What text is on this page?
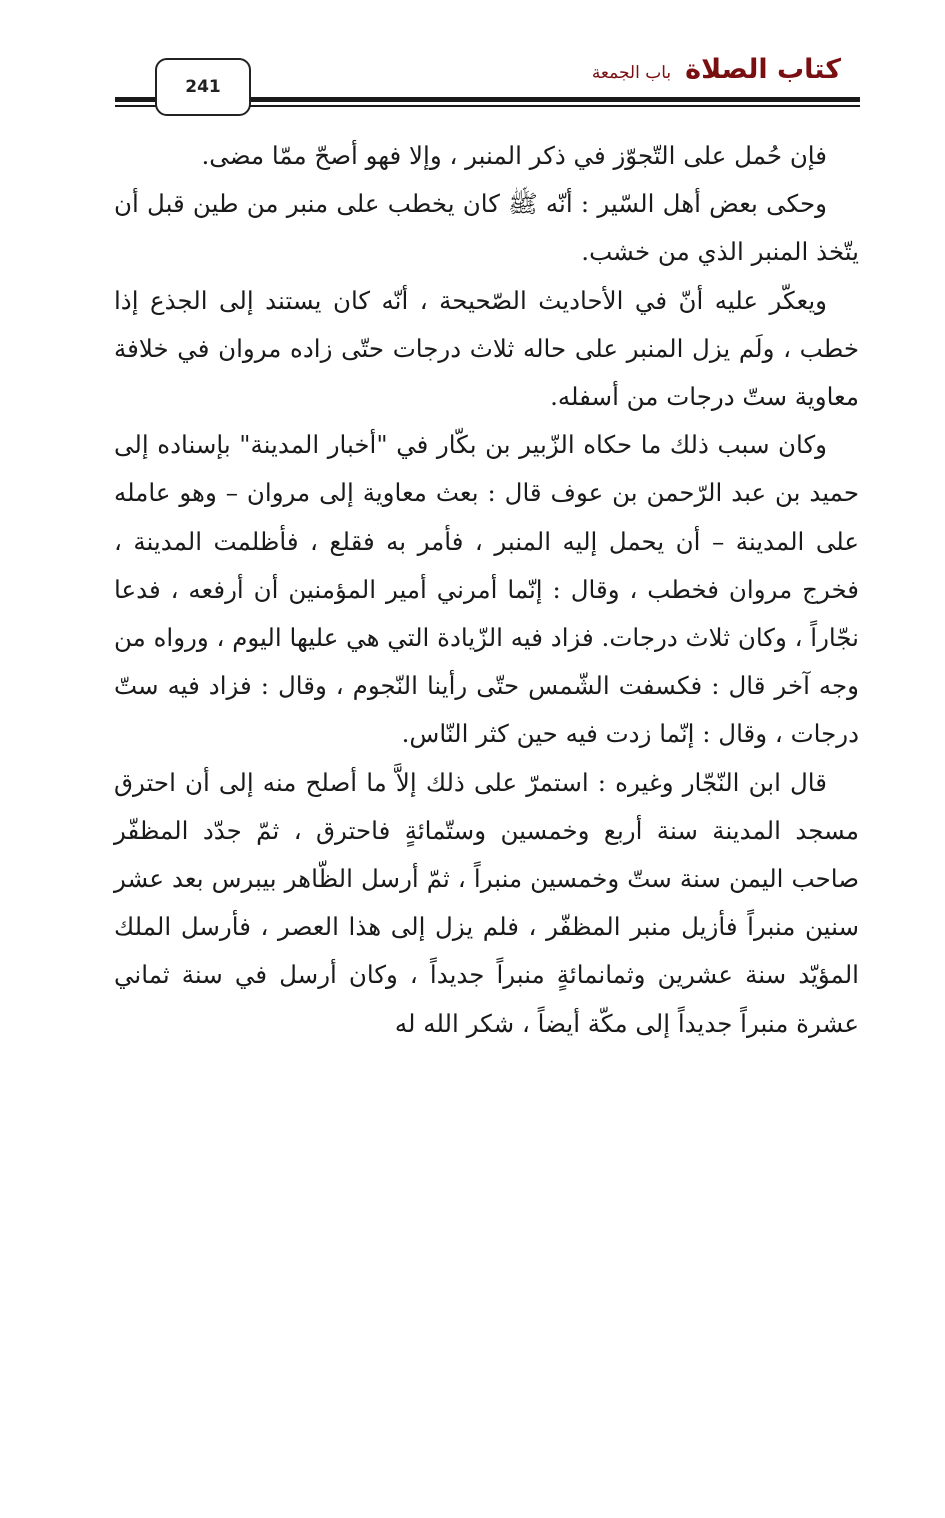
241
كتاب الصلاة
باب الجمعة

فإن حُمل على التّجوّز في ذكر المنبر ، وإلا فهو أصحّ ممّا مضى.

وحكى بعض أهل السّير : أنّه ﷺ كان يخطب على منبر من طين قبل أن يتّخذ المنبر الذي من خشب.

ويعكّر عليه أنّ في الأحاديث الصّحيحة ، أنّه كان يستند إلى الجذع إذا خطب ، ولَم يزل المنبر على حاله ثلاث درجات حتّى زاده مروان في خلافة معاوية ستّ درجات من أسفله.

وكان سبب ذلك ما حكاه الزّبير بن بكّار في "أخبار المدينة" بإسناده إلى حميد بن عبد الرّحمن بن عوف قال : بعث معاوية إلى مروان – وهو عامله على المدينة – أن يحمل إليه المنبر ، فأمر به فقلع ، فأظلمت المدينة ، فخرج مروان فخطب ، وقال : إنّما أمرني أمير المؤمنين أن أرفعه ، فدعا نجّاراً ، وكان ثلاث درجات. فزاد فيه الزّيادة التي هي عليها اليوم ، ورواه من وجه آخر قال : فكسفت الشّمس حتّى رأينا النّجوم ، وقال : فزاد فيه ستّ درجات ، وقال : إنّما زدت فيه حين كثر النّاس.

قال ابن النّجّار وغيره : استمرّ على ذلك إلاَّ ما أصلح منه إلى أن احترق مسجد المدينة سنة أربع وخمسين وستّمائةٍ فاحترق ، ثمّ جدّد المظفّر صاحب اليمن سنة ستّ وخمسين منبراً ، ثمّ أرسل الظّاهر بيبرس بعد عشر سنين منبراً فأزيل منبر المظفّر ، فلم يزل إلى هذا العصر ، فأرسل الملك المؤيّد سنة عشرين وثمانمائةٍ منبراً جديداً ، وكان أرسل في سنة ثماني عشرة منبراً جديداً إلى مكّة أيضاً ، شكر الله له
